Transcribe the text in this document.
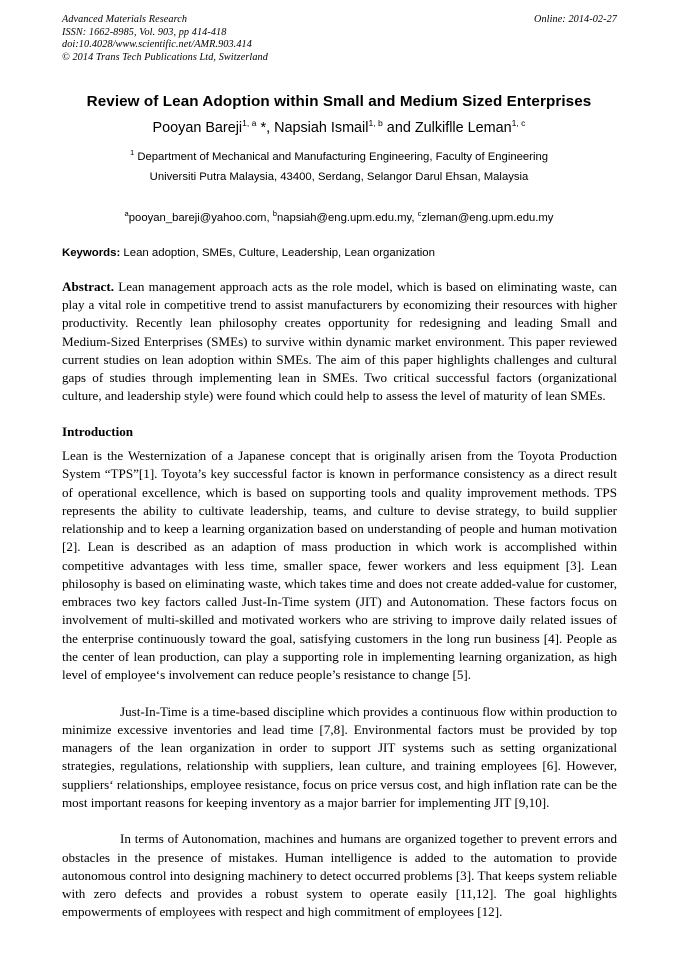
Advanced Materials Research
ISSN: 1662-8985, Vol. 903, pp 414-418
doi:10.4028/www.scientific.net/AMR.903.414
© 2014 Trans Tech Publications Ltd, Switzerland
Online: 2014-02-27
Review of Lean Adoption within Small and Medium Sized Enterprises
Pooyan Bareji$^{1, a}$ *, Napsiah Ismail$^{1, b}$ and Zulkiflle Leman$^{1, c}$
$^1$ Department of Mechanical and Manufacturing Engineering, Faculty of Engineering
Universiti Putra Malaysia, 43400, Serdang, Selangor Darul Ehsan, Malaysia
$^a$pooyan_bareji@yahoo.com, $^b$napsiah@eng.upm.edu.my, $^c$zleman@eng.upm.edu.my
Keywords: Lean adoption, SMEs, Culture, Leadership, Lean organization
Abstract. Lean management approach acts as the role model, which is based on eliminating waste, can play a vital role in competitive trend to assist manufacturers by economizing their resources with higher productivity. Recently lean philosophy creates opportunity for redesigning and leading Small and Medium-Sized Enterprises (SMEs) to survive within dynamic market environment. This paper reviewed current studies on lean adoption within SMEs. The aim of this paper highlights challenges and cultural gaps of studies through implementing lean in SMEs. Two critical successful factors (organizational culture, and leadership style) were found which could help to assess the level of maturity of lean SMEs.
Introduction

Lean is the Westernization of a Japanese concept that is originally arisen from the Toyota Production System “TPS”[1]. Toyota’s key successful factor is known in performance consistency as a direct result of operational excellence, which is based on supporting tools and quality improvement methods. TPS represents the ability to cultivate leadership, teams, and culture to devise strategy, to build supplier relationship and to keep a learning organization based on understanding of people and human motivation [2]. Lean is described as an adaption of mass production in which work is accomplished within competitive advantages with less time, smaller space, fewer workers and less equipment [3]. Lean philosophy is based on eliminating waste, which takes time and does not create added-value for customer, embraces two key factors called Just-In-Time system (JIT) and Autonomation. These factors focus on involvement of multi-skilled and motivated workers who are striving to improve daily related issues of the enterprise continuously toward the goal, satisfying customers in the long run business [4]. People as the center of lean production, can play a supporting role in implementing learning organization, as high level of employee‘s involvement can reduce people’s resistance to change [5].

Just-In-Time is a time-based discipline which provides a continuous flow within production to minimize excessive inventories and lead time [7,8]. Environmental factors must be provided by top managers of the lean organization in order to support JIT systems such as setting organizational strategies, regulations, relationship with suppliers, lean culture, and training employees [6]. However, suppliers‘ relationships, employee resistance, focus on price versus cost, and high inflation rate can be the most important reasons for keeping inventory as a major barrier for implementing JIT [9,10].

In terms of Autonomation, machines and humans are organized together to prevent errors and obstacles in the presence of mistakes. Human intelligence is added to the automation to provide autonomous control into designing machinery to detect occurred problems [3]. That keeps system reliable with zero defects and provides a robust system to operate easily [11,12]. The goal highlights empowerments of employees with respect and high commitment of employees [12].
